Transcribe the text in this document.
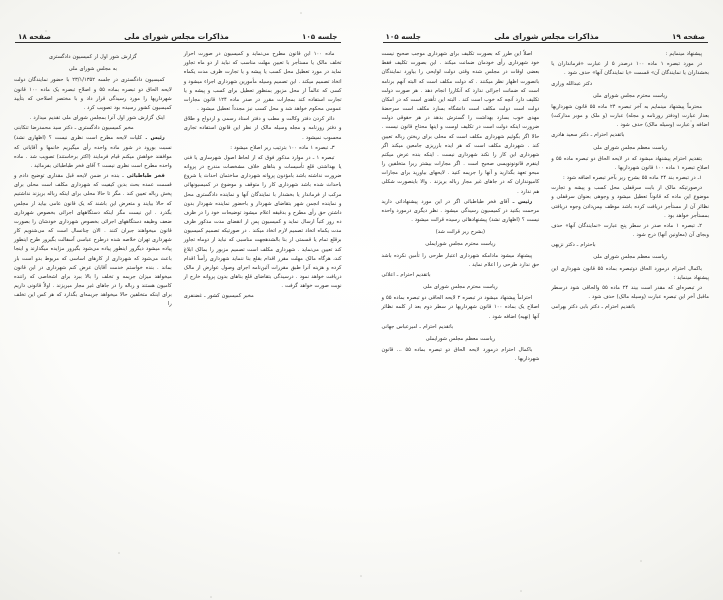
جلسه ۱۰۵
مذاکرات مجلس شورای ملی
صفحه ۱۸

گزارش شور اول از کمیسیون دادگستری

به مجلس شورای ملی

کمیسیون دادگستری در جلسه ۲۳/۱/۱۳۵۲ با حضور نمایندگان دولت لایحه الحاق دو تبصره بماده ۵۵ و اصلاح تبصره یک ماده ۱۰۰ قانون شهرداریها را مورد رسیدگی قرار داد و با مختصر اصلاحی که بتأیید کمیسیون کشور رسیده بود تصویب کرد .

اینک گزارش شور اول آنرا بمجلس شورای ملی تقدیم میدارد .

مخبر کمیسیون دادگستری ـ دکتر سید محمدرضا تنکابنی

رئیس . کلیات لایحه مطرح است نظری نیست ؟ (اظهاری نشد) نسبت بورود در شور ماده واحده رأی میگیریم خانمها و آقایانی که موافقند خواهش میکنم قیام فرمایند (اکثر برخاستند) تصویب شد . ماده واحده مطرح است نظری نیست ؟ آقای فخر طباطبائی بفرمائید .

فخر طباطبائی ـ بنده در ضمن لایحه قبل مقداری توضیح دادم و قسمت عمده بحث بدین کیفیت که شهرداری مکلف است محلی برای پخش زباله تعیین کند . مگر تا حالا محلی برای اینکه زباله بریزند نداشتیم که حالا بیایند و متعرض این باشند که یک قانون عامی بیاید از مجلس بگذرد . این نیست مگر اینکه دستگاههای اجرائی بخصوص شهرداری ضعف وظیفه دستگاههای اجرائی بخصوص شهرداری خودشان را بصورت قانون میخواهند جبران کنند . الان چنانسال است که می‌شنویم کار شهرداری تهران خلاصه شده درطرح عباسی آسفالت بگیروز طرح اینطور پیاده میشود دیگروز اینطور پیاده می‌شود بگیروز مزایده میگذارند و اینجا باعث می‌شود که شهرداری از کارهای اساسی که مربوط بدو است باز بماند . بنده خواستم خدمت آقایان عرض کنم شهرداری در این قانون میخواهد میزان جریمه و تخلف را بالا ببرد برای اشخاصی که راننده کامیون هستند و زباله را در جاهای غیر مجاز میریزند . اولاً قانونی داریم برای اینکه متخلفین حالا میخواهد جریمه‌ای بگذارد که هر کس این تخلف را

ماده ۱۰۰ این قانون مطرح می‌نماید و کمیسیون در صورت احراز تخلف مالک یا مستأجر با تعیین مهلت مناسب که نباید از دو ماه تجاوز نماید در مورد تعطیل محل کسب یا پیشه و یا تجارت ظرف مدت یکماه اتخاذ تصمیم میکند . این تصمیم وسیله مأمورین شهرداری اجراء میشود و کسی که عالماً از محل مزبور بمنظور تعطیل برای کسب و پیشه و یا تجارت استفاده کند بمجازات مقرر در صدر ماده ۱۲۴ قانون مجازات عمومی محکوم خواهد شد و محل کسب نیز مجدداً تعطیل میشود .

دائر کردن دفتر وکالت و مطب و دفتر اسناد رسمی و ازدواج و طلاق و دفتر روزنامه و مجله وسیله مالک از نظر این قانون استفاده تجاری محسوب نمیشود .

۳ـ تبصره ۱ ماده ۱۰۰ بترتیب زیر اصلاح میشود :

تبصره ۱ ـ در موارد مذکور فوق که از لحاظ اصول شهرسازی یا فنی یا بهداشتی قلع تأسیسات و بناهای خلاف مشخصات مندرج در پروانه ضرورت نداشته باشد بامؤدون پروانه شهرداری ساختمان احداث یا شروع باحداث شده باشد شهرداری کار را متوقف و موضوع در کمیسیونهائی مرکب از فرماندار یا بخشدار با نمایندگان آنها و نماینده دادگستری محل و نماینده انجمن شهر بتقاضای شهردار و باحضور نماینده شهردار بدون داشتن حق رأی مطرح و بدقیقه اعلام میشود توضیحات خود را در ظرف ده روز کتباً ارسال نماید و کمیسیون پس از انقضای مدت مذکور ظرف مدت یکماه اتخاذ تصمیم لازم اتخاذ میکند . در صورتیکه تصمیم کمیسیون برقلع تمام یا قسمتی از بنا بالشدهجهت مناسبی که نباید از دوماه تجاوز کند تعیین می‌نماید . شهرداری مکلف است تصمیم مزبور را بمالک ابلاغ کند، هرگاه مالک مهلت مقرر اقدام بقلع بنا ننماید شهرداری رأساً اقدام کرده و هزینه آنرا طبق مقررات آئین‌نامه اجرای وصول عوارض از مالک دریافت خواهد نمود . درسیدگی بتقاضای قلع بناهای بدون پروانه خارج از نوبت صورت خواهد گرفت .

مخبر کمیسیون کشور ـ غضنفری

صفحه ۱۹
مذاکرات مجلس شورای ملی
جلسه ۱۰۵

اصلاً این طرز که بصورت تکلیف برای شهرداری موجب صحیح نیست خود شهرداری رأی خودمان ضمانت میکند . این بصورت تکلیف فقط بعضی اوقات در مجلس شده وقتی دولت لوایحی را بیاورد نمایندگان بانصورت اظهار نظر میکنند . که دولت مکلف است که البته آنهم برنامه است که ضمانت اجرائی ندارد که آنکاررا انجام دهد . هر صورت دولت تکلیف دارد آنچه که خوب است کند . البته این تأهدی است که در امکان دولت است دولت مکلف است دانشگاه بسازد مکلف است سرحضهٔ مهدی خوب بسازد بهداشت را گسترش بدهد در هر حقوقی دولت ضرورت اینکه دولت است در تکلیف اوست و اینها محتاج قانون نیست . حالا اگر بگوئیم شهرداری مکلف است که محلی برای ریختن زباله تعیین کند . شهرداری مکلف است که هر ایده بازریزی جامعین میکند اگر شهرداری این کار را نکند شهرداری نیست . اینکه بنده عرض میکنم اینفرم قانونونویسی صحیح است . اگر مجازات بیشتر زیرا متخلفین را مبحو تعهد بگذارید و آنها را جریمه کنید . لایحهای بیاورید برای مجازات کامیونداران که در جاهای غیر مجاز زباله بریزند . والا باینصورت شکلی هم ندارد .

رئیس ـ آقای فخر طباطبائی اگر در این مورد پیشنهاداتی دارید مرحمت بکنید در کمیسیون رسیدگی میشود . نظر دیگری درمورد واحده نیست ؟ (اظهاری نشد) پیشنهادهائی رسیده قرائت میشود .

(بشرح زیر قرائت شد)

ریاست محترم مجلس شورایملی

پیشنهاد میشود مادامکه شهرداری اعتبار طرحی را تأمین نکرده باشد حق ندارد طرحی را اعلام نماید .

باتقدیم احترام ـ اعلائی

ریاست محترم مجلس شورای ملی

احتراماً پیشنهاد میشود در تبصره ۲ لایحه الحاقی دو تبصره بماده ۵۵ و اصلاح یک بماده ۱۰۰ قانون شهرداریها در سطر دوم بعد از کلمه نظائر آنها (نهیه) اضافه شود .

باتقدیم احترام ـ امیرعباس جهانی

ریاست معظم مجلس شورایملی

باکمال احترام درمورد لایحه الحاق دو تبصره بماده ۵۵ ... قانون شهرداریها .

پیشنهاد مینمایم :

در مورد تبصره ۱ ماده ۱۰۰ درصدر ۵ از عبارت «فرمانداران یا بخشداران یا نمایندگان آن» قسمت «یا نمایندگان آنها» حذف شود .

دکتر عبدالله ورازی

ریاست محترم مجلس شورای ملی

محترماً پیشنهاد مینمایم به آخر تبصره ۲۴ ماده ۵۵ قانون شهرداریها بعداز عبارت (ودفتر روزنامه و مجله) عبارت (و ملک و موبر مدارکت) اضافه و عبارت (وسیله مالک) حذف شود .

باتقدیم احترام ـ دکتر سعید هادری

ریاست معظم مجلس شورای ملی

بتقدیم احترام پیشنهاد میشود که در لایحه الحاق دو تبصره ماده ۵۵ و اصلاح تبصره ۱ ماده ۱۰۰ قانون شهرداریها .

۱ـ در تبصره بند ۲۴ ماده ۵۵ بشرح زیر بآخر تبصره اضافه شود :

درصورتیکه مالک از بابت سرقفلی محل کسب و پیشه و تجارت موضوع این ماده که قانوناً تعطیل میشود و وجوهی بعنوان سرقفلی و نظائر آن از مستأجر دریافت کرده باشد موظف بپس‌دادن وجوه دریافتی بمستأجر خواهد بود .

۲ـ تبصره ۱ ماده صدر در سطر پنج عبارت «نمایندگان آنها» حذف وبجای آن (معاونین آنها) درج شود .

باحترام ـ دکتر نزیهی

ریاست معظم مجلس شورای ملی

باکمال احترام درمورد الحاق دوتبصره بماده ۵۵ قانون شهرداری این پیشنهاد مینماید :

در تبصره‌ای که مقدر است بیند ۲۴ ماده ۵۵ والحاقی شود درسطر ماقبل آخر این تبصره عبارت (وسیله مالک) حذف شود .

باتقدیم احترام ـ دکتر بابی دکتر بهرامی
